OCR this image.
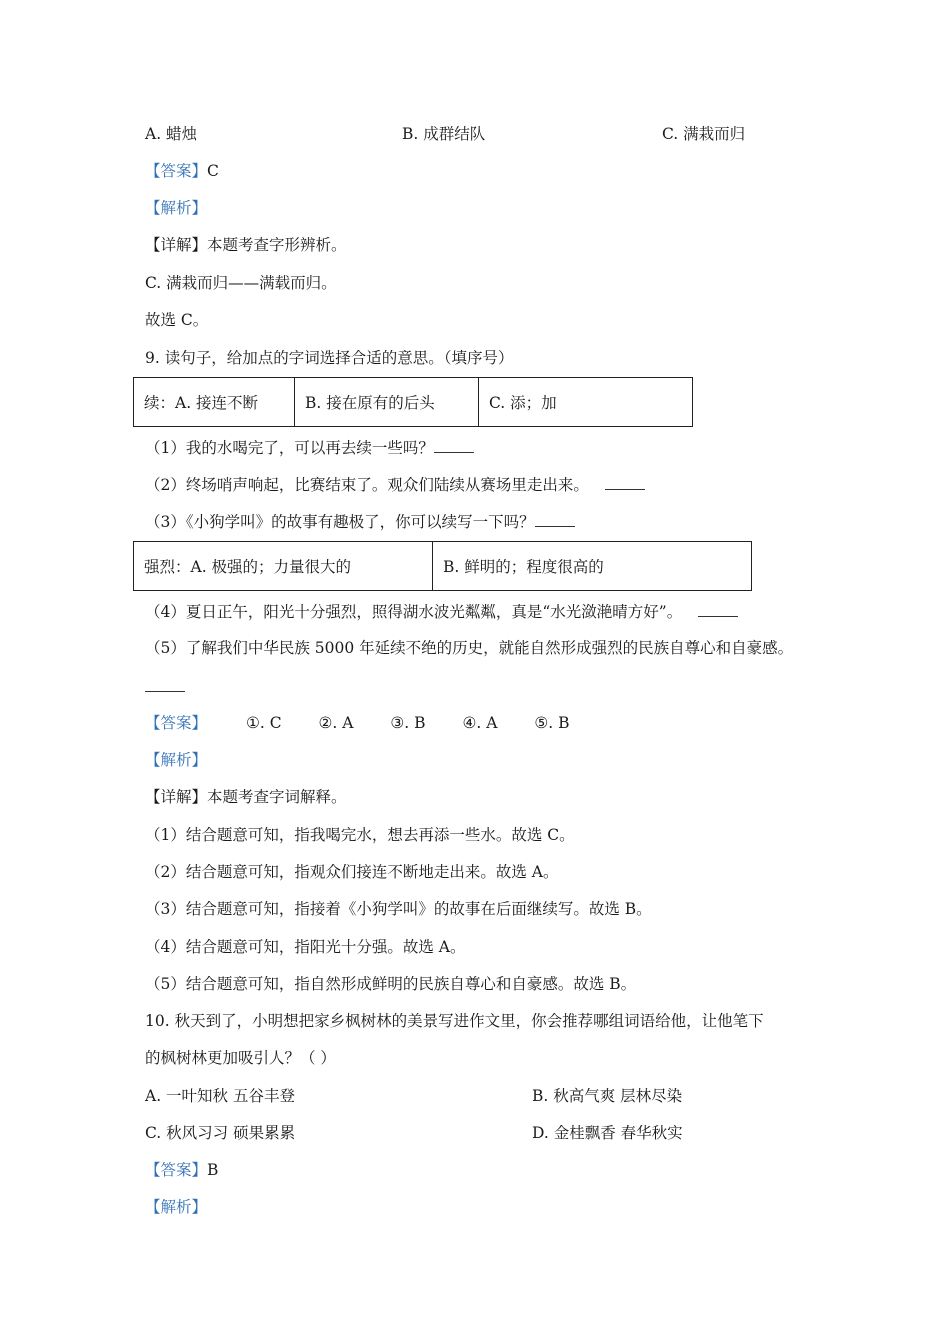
A. 蜡烛	B. 成群结队	C. 满栽而归
【答案】C
【解析】
【详解】本题考查字形辨析。
C. 满栽而归——满载而归。
故选 C。
9. 读句子，给加点的字词选择合适的意思。（填序号）
续：A. 接连不断	B. 接在原有的后头	C. 添；加
（1）我的水喝完了，可以再去续一些吗？
（2）终场哨声响起，比赛结束了。观众们陆续从赛场里走出来。
（3）《小狗学叫》的故事有趣极了，你可以续写一下吗？
强烈：A. 极强的；力量很大的	B. 鲜明的；程度很高的
（4）夏日正午，阳光十分强烈，照得湖水波光粼粼，真是“水光潋滟晴方好”。
（5）了解我们中华民族 5000 年延续不绝的历史，就能自然形成强烈的民族自尊心和自豪感。
【答案】	①. C ②. A ③. B ④. A ⑤. B
【解析】
【详解】本题考查字词解释。
（1）结合题意可知，指我喝完水，想去再添一些水。故选 C。
（2）结合题意可知，指观众们接连不断地走出来。故选 A。
（3）结合题意可知，指接着《小狗学叫》的故事在后面继续写。故选 B。
（4）结合题意可知，指阳光十分强。故选 A。
（5）结合题意可知，指自然形成鲜明的民族自尊心和自豪感。故选 B。
10. 秋天到了，小明想把家乡枫树林的美景写进作文里，你会推荐哪组词语给他，让他笔下
的枫树林更加吸引人？（ ）
A. 一叶知秋 五谷丰登	B. 秋高气爽 层林尽染
C. 秋风习习 硕果累累	D. 金桂飘香 春华秋实
【答案】B
【解析】
